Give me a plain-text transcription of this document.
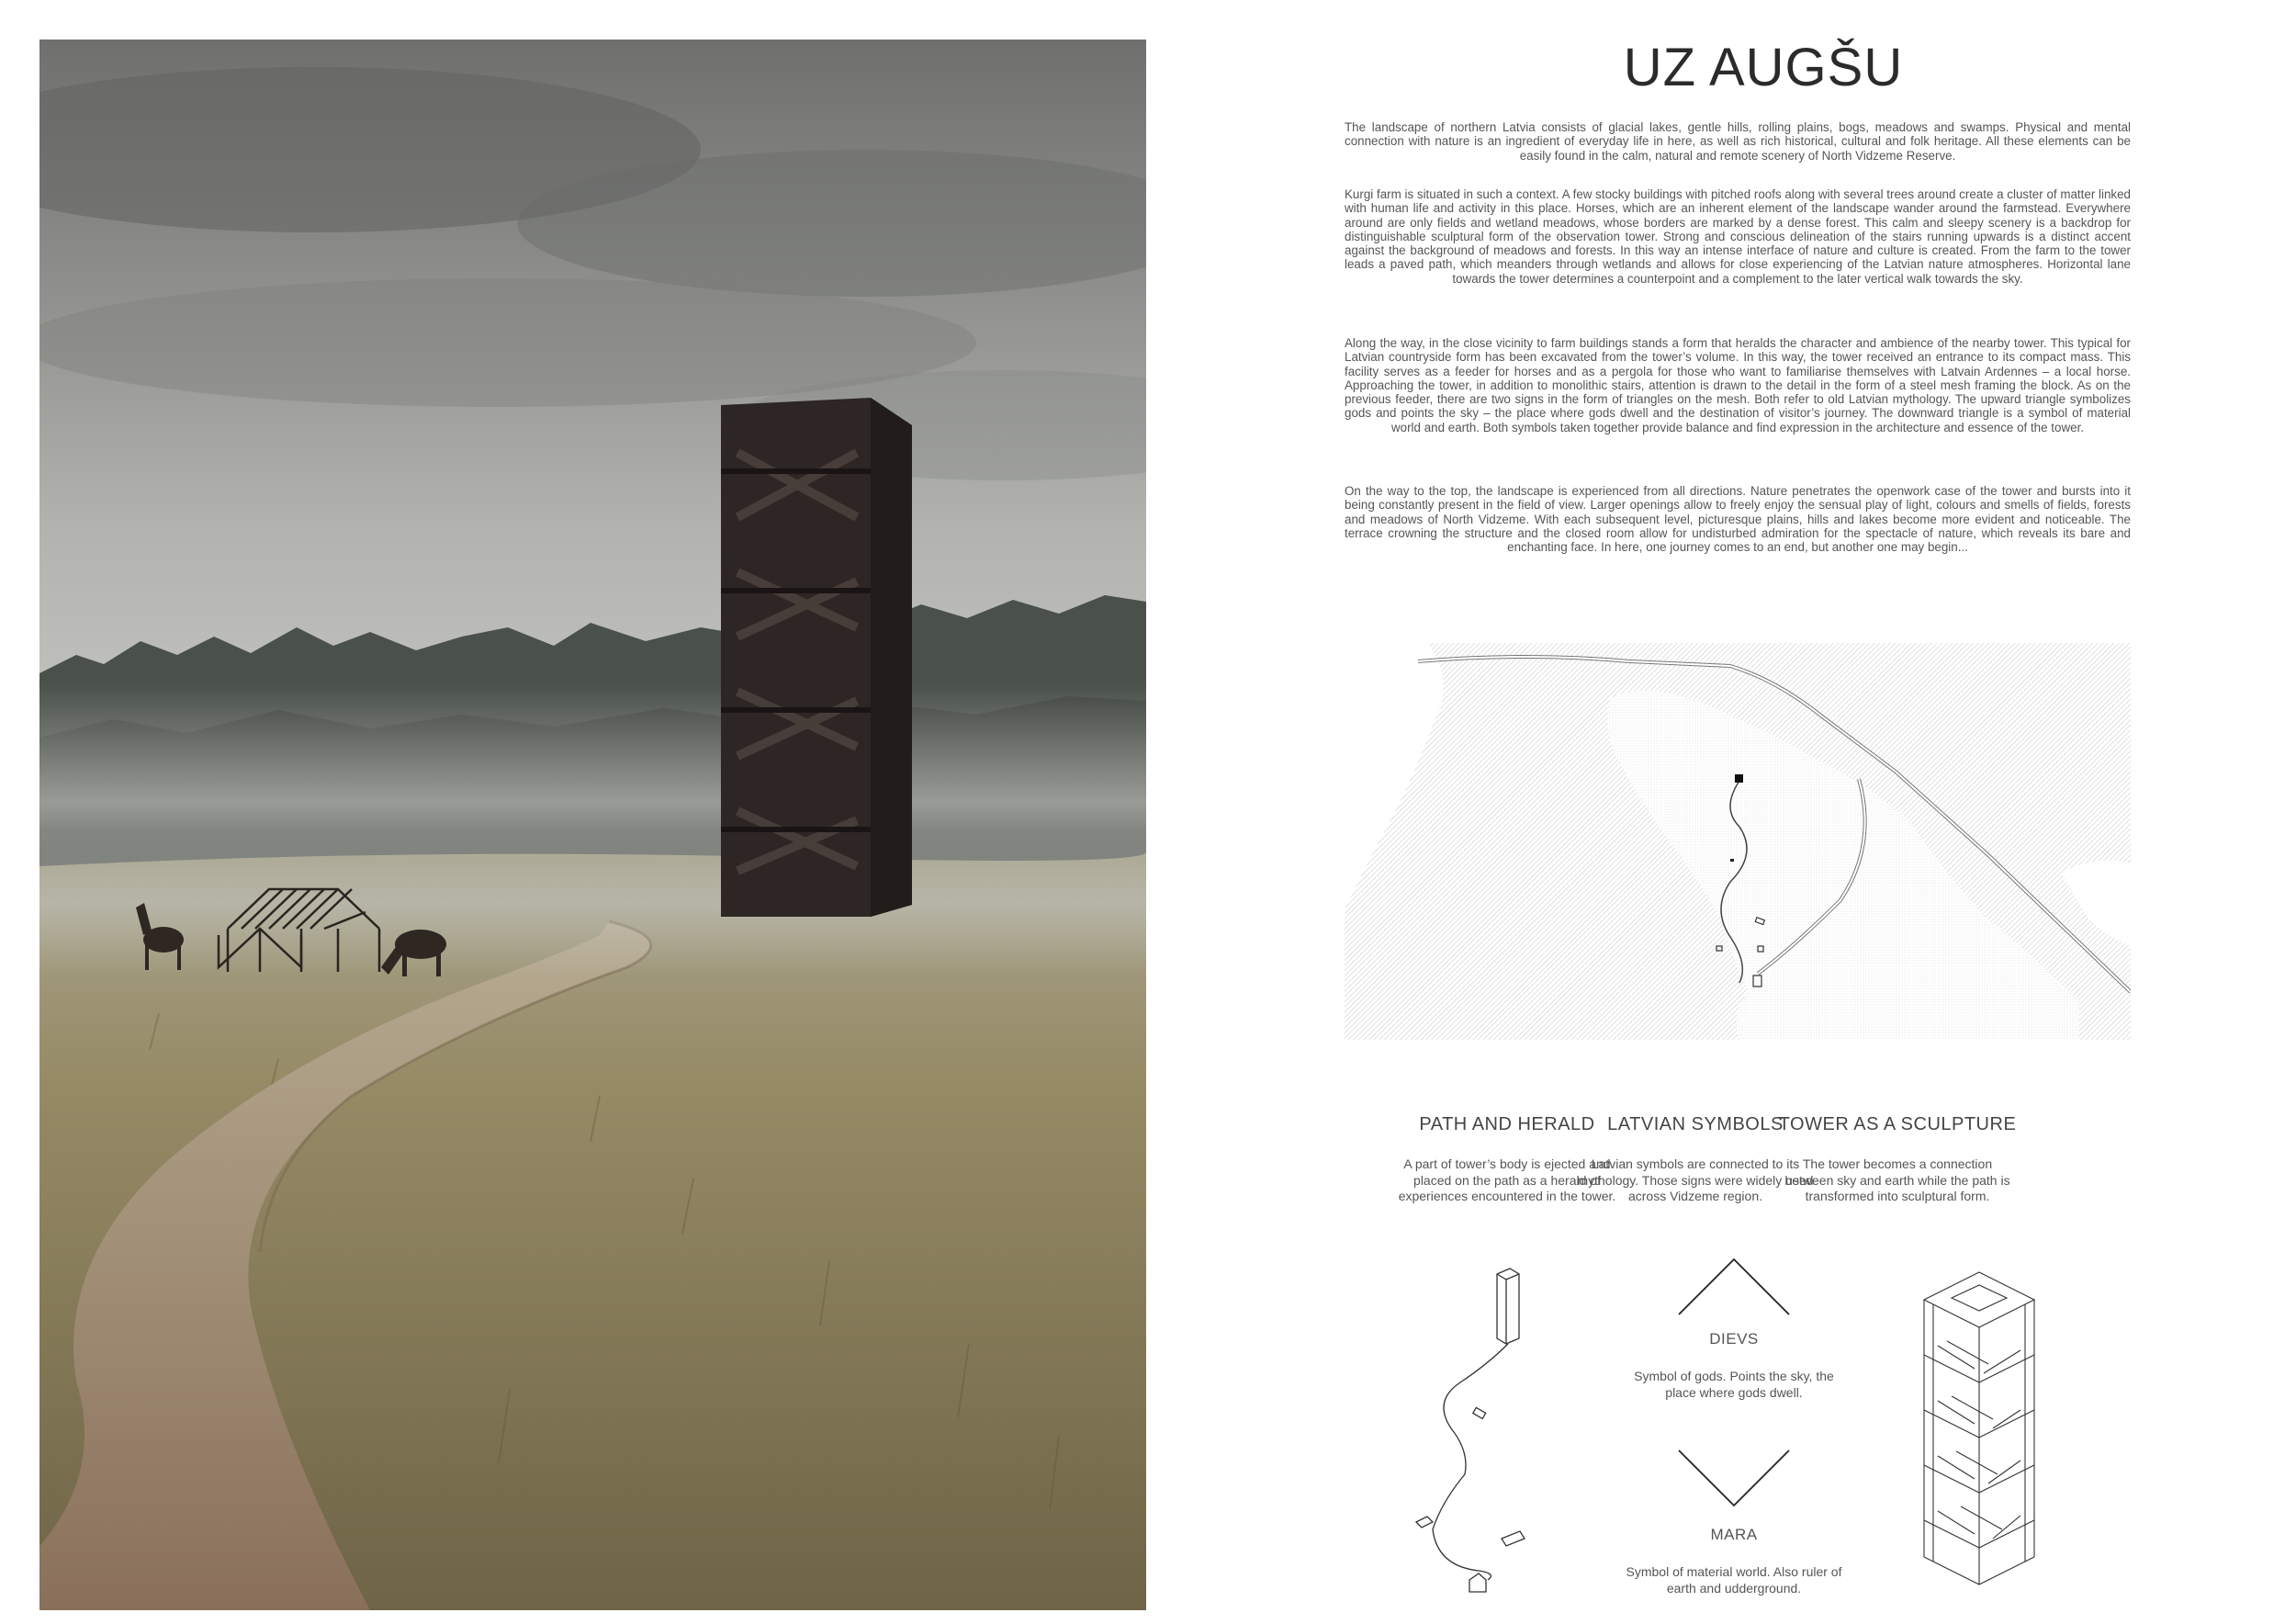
UZ AUGŠU

The landscape of northern Latvia consists of glacial lakes, gentle hills, rolling plains, bogs, meadows and swamps. Physical and mental connection with nature is an ingredient of everyday life in here, as well as rich historical, cultural and folk heritage. All these elements can be easily found in the calm, natural and remote scenery of North Vidzeme Reserve.

Kurgi farm is situated in such a context. A few stocky buildings with pitched roofs along with several trees around create a cluster of matter linked with human life and activity in this place. Horses, which are an inherent element of the landscape wander around the farmstead. Everywhere around are only fields and wetland meadows, whose borders are marked by a dense forest. This calm and sleepy scenery is a backdrop for distinguishable sculptural form of the observation tower. Strong and conscious delineation of the stairs running upwards is a distinct accent against the background of meadows and forests. In this way an intense interface of nature and culture is created. From the farm to the tower leads a paved path, which meanders through wetlands and allows for close experiencing of the Latvian nature atmospheres. Horizontal lane towards the tower determines a counterpoint and a complement to the later vertical walk towards the sky.

Along the way, in the close vicinity to farm buildings stands a form that heralds the character and ambience of the nearby tower. This typical for Latvian countryside form has been excavated from the tower’s volume. In this way, the tower received an entrance to its compact mass. This facility serves as a feeder for horses and as a pergola for those who want to familiarise themselves with Latvain Ardennes – a local horse. Approaching the tower, in addition to monolithic stairs, attention is drawn to the detail in the form of a steel mesh framing the block. As on the previous feeder, there are two signs in the form of triangles on the mesh. Both refer to old Latvian mythology. The upward triangle symbolizes gods and points the sky – the place where gods dwell and the destination of visitor’s journey. The downward triangle is a symbol of material world and earth. Both symbols taken together provide balance and find expression in the architecture and essence of the tower.

On the way to the top, the landscape is experienced from all directions. Nature penetrates the openwork case of the tower and bursts into it being constantly present in the field of view. Larger openings allow to freely enjoy the sensual play of light, colours and smells of fields, forests and meadows of North Vidzeme. With each subsequent level, picturesque plains, hills and lakes become more evident and noticeable. The terrace crowning the structure and the closed room allow for undisturbed admiration for the spectacle of nature, which reveals its bare and enchanting face. In here, one journey comes to an end, but another one may begin...

PATH AND HERALD LATVIAN SYMBOLS
TOWER AS A SCULPTURE
A part of tower’s body is ejected and placed on the path as a herald of experiences encountered in the tower.
Latvian symbols are connected to its mythology. Those signs were widely used across Vidzeme region.
The tower becomes a connection between sky and earth while the path is transformed into sculptural form.
DIEVS
Symbol of gods. Points the sky, the place where gods dwell.
MARA
Symbol of material world. Also ruler of earth and udderground.
